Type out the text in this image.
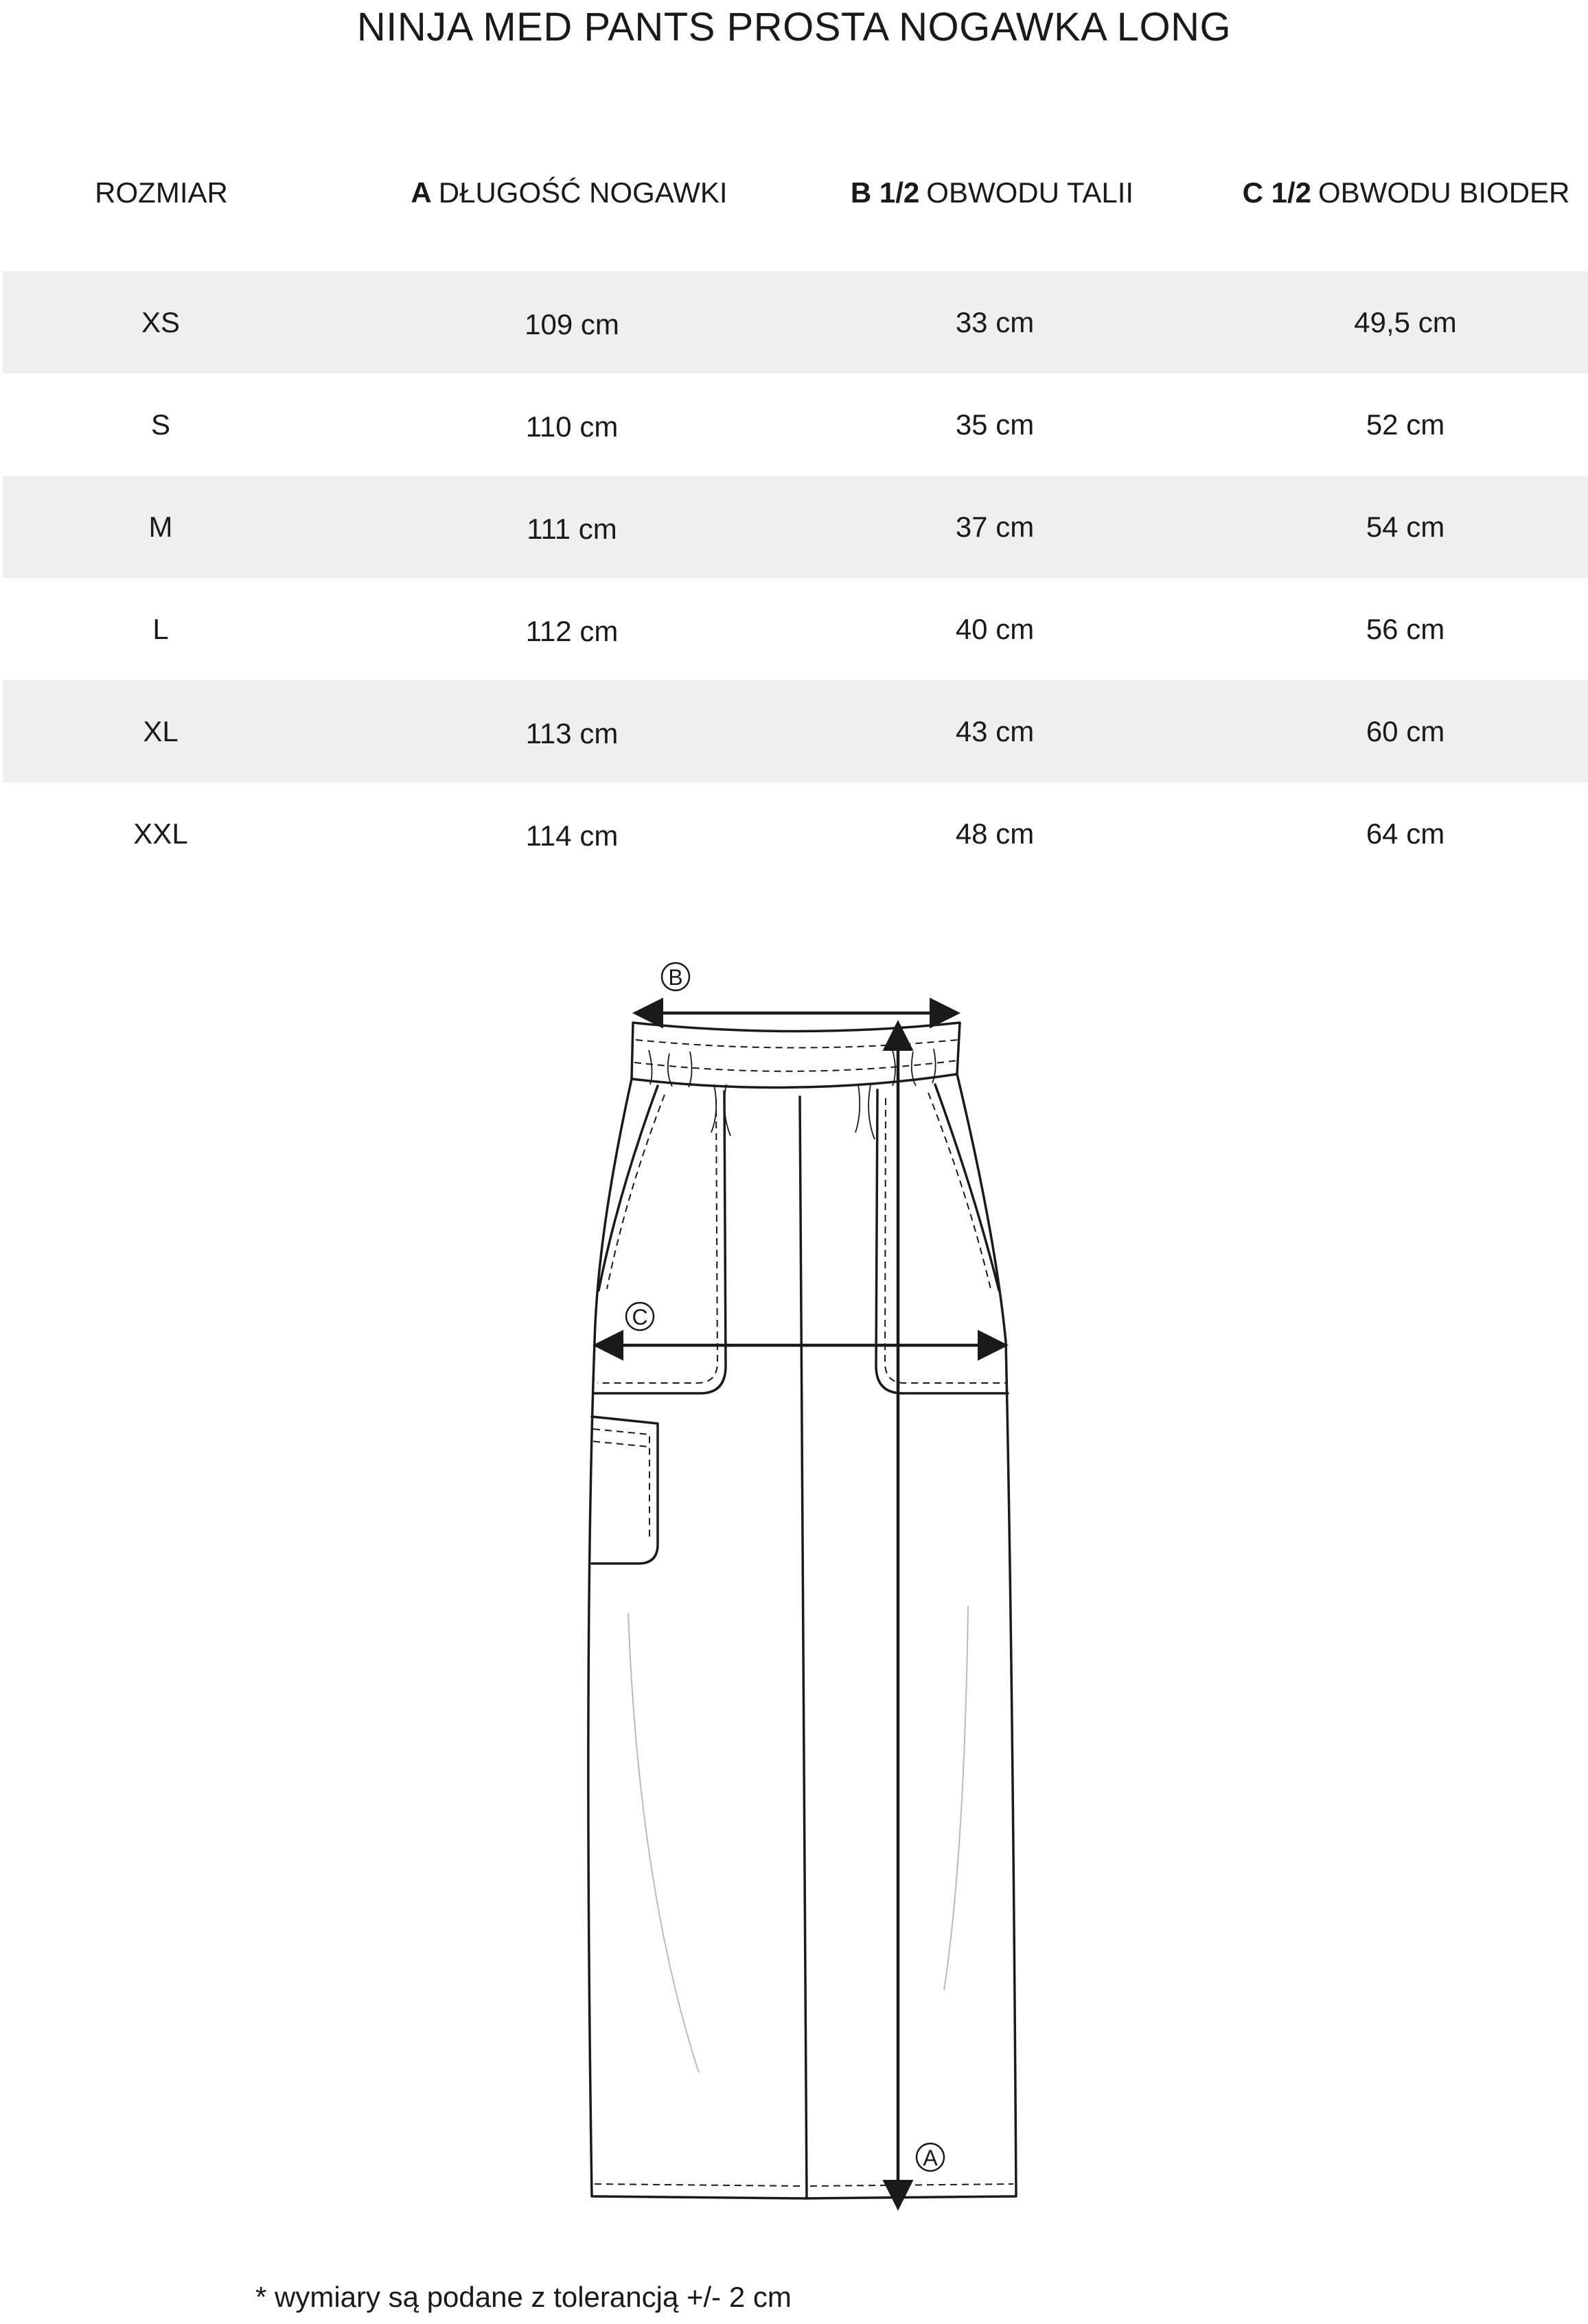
NINJA MED PANTS PROSTA NOGAWKA LONG
ROZMIAR	A DŁUGOŚĆ NOGAWKI	B 1/2 OBWODU TALII	C 1/2 OBWODU BIODER
XS	109 cm	33 cm	49,5 cm
S	110 cm	35 cm	52 cm
M	111 cm	37 cm	54 cm
L	112 cm	40 cm	56 cm
XL	113 cm	43 cm	60 cm
XXL	114 cm	48 cm	64 cm
B
C
A
* wymiary są podane z tolerancją +/- 2 cm
